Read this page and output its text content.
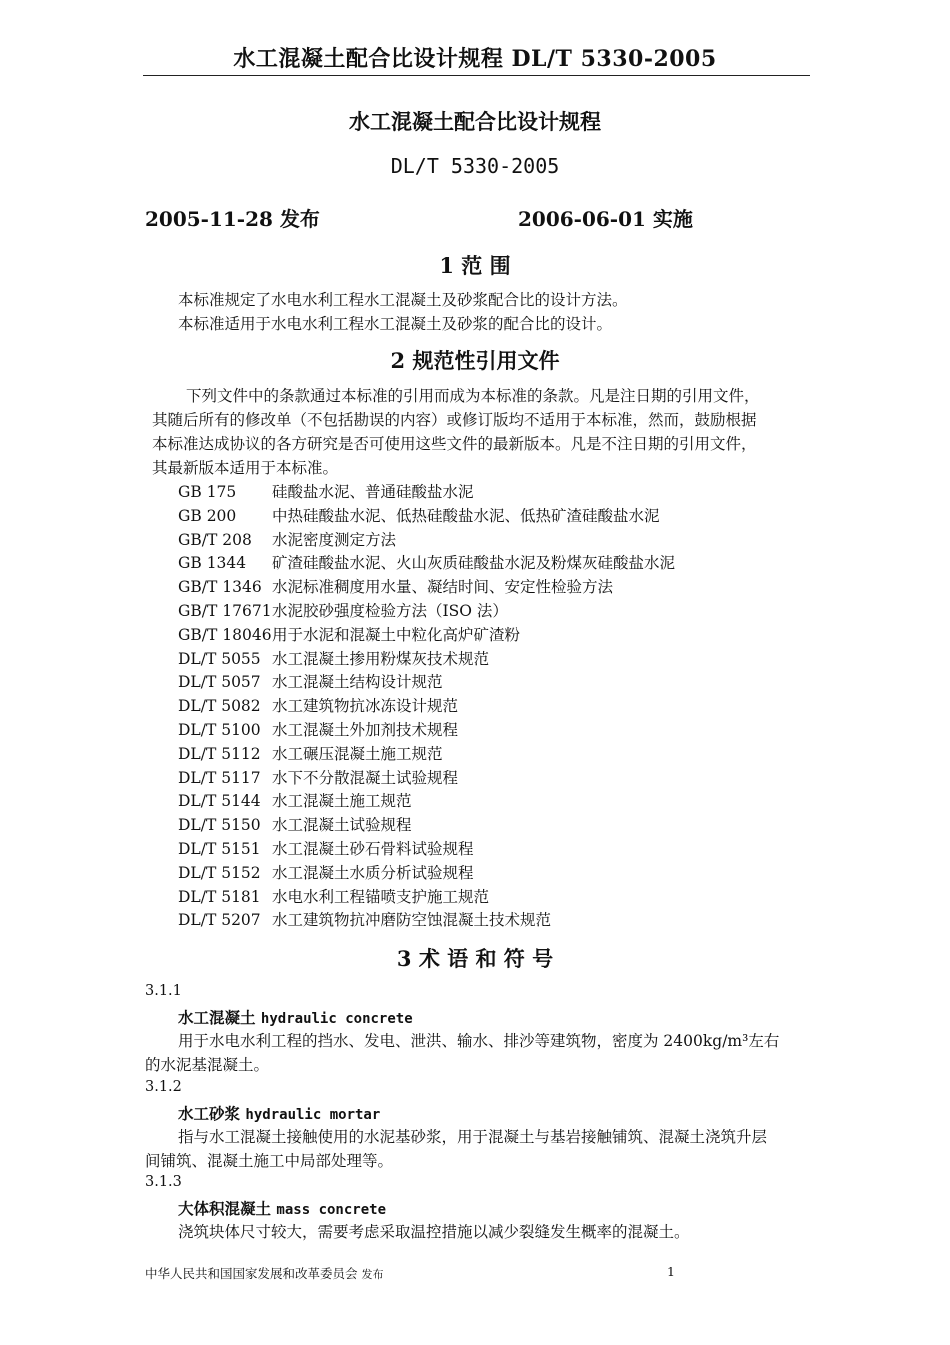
水工混凝土配合比设计规程 DL/T 5330-2005
水工混凝土配合比设计规程
DL/T 5330-2005
2005-11-28 发布	2006-06-01 实施
1 范 围
本标准规定了水电水利工程水工混凝土及砂浆配合比的设计方法。
本标准适用于水电水利工程水工混凝土及砂浆的配合比的设计。
2 规范性引用文件
下列文件中的条款通过本标准的引用而成为本标准的条款。凡是注日期的引用文件，
其随后所有的修改单（不包括勘误的内容）或修订版均不适用于本标准，然而，鼓励根据
本标准达成协议的各方研究是否可使用这些文件的最新版本。凡是不注日期的引用文件，
其最新版本适用于本标准。
GB 175 硅酸盐水泥、普通硅酸盐水泥
GB 200 中热硅酸盐水泥、低热硅酸盐水泥、低热矿渣硅酸盐水泥
GB/T 208 水泥密度测定方法
GB 1344 矿渣硅酸盐水泥、火山灰质硅酸盐水泥及粉煤灰硅酸盐水泥
GB/T 1346 水泥标准稠度用水量、凝结时间、安定性检验方法
GB/T 17671水泥胶砂强度检验方法（ISO 法）
GB/T 18046用于水泥和混凝土中粒化高炉矿渣粉
DL/T 5055 水工混凝土掺用粉煤灰技术规范
DL/T 5057 水工混凝土结构设计规范
DL/T 5082 水工建筑物抗冰冻设计规范
DL/T 5100 水工混凝土外加剂技术规程
DL/T 5112 水工碾压混凝土施工规范
DL/T 5117 水下不分散混凝土试验规程
DL/T 5144 水工混凝土施工规范
DL/T 5150 水工混凝土试验规程
DL/T 5151 水工混凝土砂石骨料试验规程
DL/T 5152 水工混凝土水质分析试验规程
DL/T 5181 水电水利工程锚喷支护施工规范
DL/T 5207 水工建筑物抗冲磨防空蚀混凝土技术规范
3 术 语 和 符 号
3.1.1
水工混凝土 hydraulic concrete
用于水电水利工程的挡水、发电、泄洪、输水、排沙等建筑物，密度为 2400kg/m³左右
的水泥基混凝土。
3.1.2
水工砂浆 hydraulic mortar
指与水工混凝土接触使用的水泥基砂浆，用于混凝土与基岩接触铺筑、混凝土浇筑升层
间铺筑、混凝土施工中局部处理等。
3.1.3
大体积混凝土 mass concrete
浇筑块体尺寸较大，需要考虑采取温控措施以减少裂缝发生概率的混凝土。
中华人民共和国国家发展和改革委员会 发布	1
